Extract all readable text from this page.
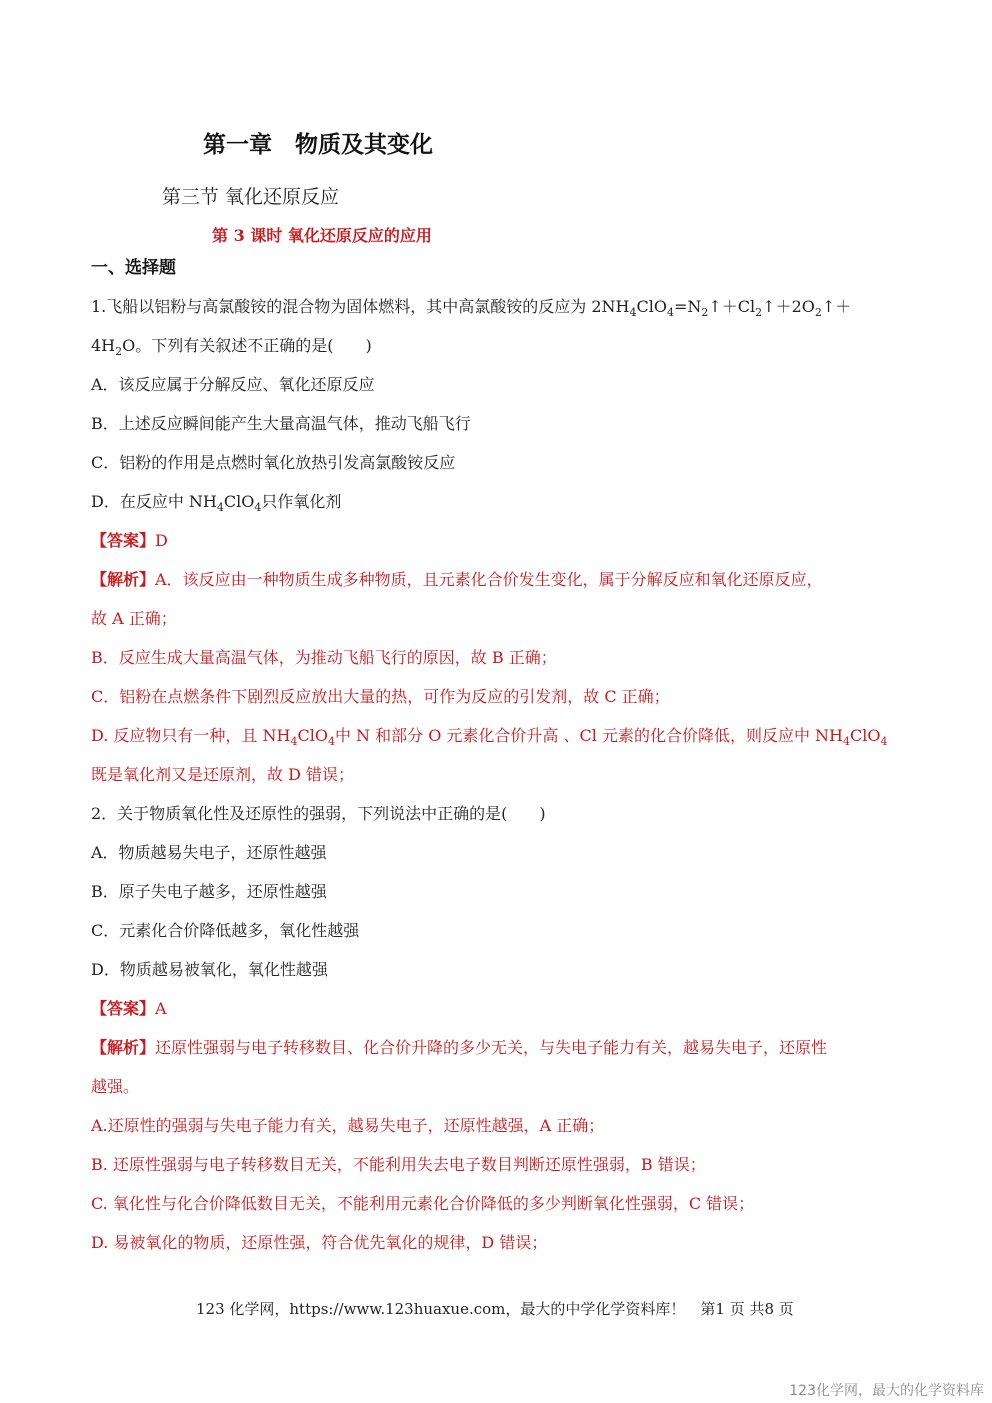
第一章　物质及其变化
第三节 氧化还原反应
第 3 课时 氧化还原反应的应用
一、选择题
1.飞船以铝粉与高氯酸铵的混合物为固体燃料，其中高氯酸铵的反应为 $2NH_4ClO_4=N_2↑+Cl_2↑+2O_2↑+$
$4H_2O$。下列有关叙述不正确的是(　　)
A．该反应属于分解反应、氧化还原反应
B．上述反应瞬间能产生大量高温气体，推动飞船飞行
C．铝粉的作用是点燃时氧化放热引发高氯酸铵反应
D．在反应中 $NH_4ClO_4$只作氧化剂
【答案】D
【解析】A．该反应由一种物质生成多种物质，且元素化合价发生变化，属于分解反应和氧化还原反应，
故 A 正确；
B．反应生成大量高温气体，为推动飞船飞行的原因，故 B 正确；
C．铝粉在点燃条件下剧烈反应放出大量的热，可作为反应的引发剂，故 C 正确；
D. 反应物只有一种，且 $NH_4ClO_4$中 N 和部分 O 元素化合价升高 、Cl 元素的化合价降低，则反应中 $NH_4ClO_4$
既是氧化剂又是还原剂，故 D 错误；
2．关于物质氧化性及还原性的强弱，下列说法中正确的是(　　)
A．物质越易失电子，还原性越强
B．原子失电子越多，还原性越强
C．元素化合价降低越多，氧化性越强
D．物质越易被氧化，氧化性越强
【答案】A
【解析】还原性强弱与电子转移数目、化合价升降的多少无关，与失电子能力有关，越易失电子，还原性
越强。
A.还原性的强弱与失电子能力有关，越易失电子，还原性越强，A 正确；
B. 还原性强弱与电子转移数目无关，不能利用失去电子数目判断还原性强弱，B 错误；
C. 氧化性与化合价降低数目无关，不能利用元素化合价降低的多少判断氧化性强弱，C 错误；
D. 易被氧化的物质，还原性强，符合优先氧化的规律，D 错误；
123 化学网，https://www.123huaxue.com，最大的中学化学资料库！　第1 页 共8 页
123化学网，最大的化学资料库
